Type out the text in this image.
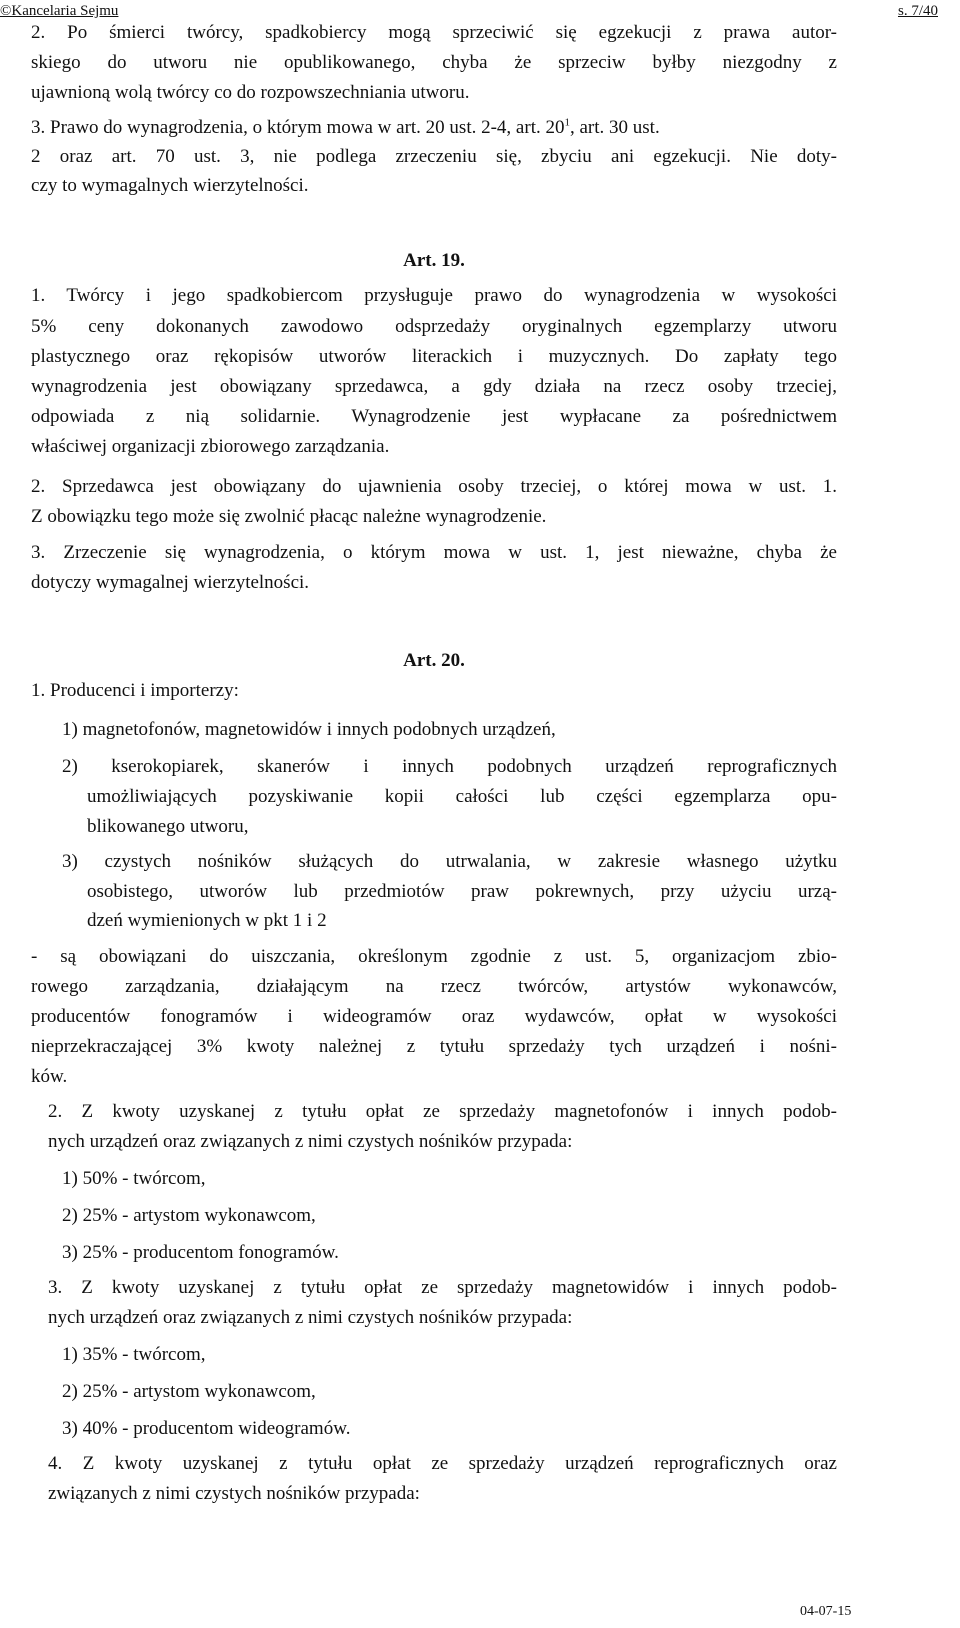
©Kancelaria Sejmu	s. 7/40
2. Po śmierci twórcy, spadkobiercy mogą sprzeciwić się egzekucji z prawa autor-
skiego do utworu nie opublikowanego, chyba że sprzeciw byłby niezgodny z
ujawnioną wolą twórcy co do rozpowszechniania utworu.
3. Prawo do wynagrodzenia, o którym mowa w art. 20 ust. 2-4, art. $20^1$, art. 30 ust.
2 oraz art. 70 ust. 3, nie podlega zrzeczeniu się, zbyciu ani egzekucji. Nie doty-
czy to wymagalnych wierzytelności.
Art. 19.
1. Twórcy i jego spadkobiercom przysługuje prawo do wynagrodzenia w wysokości
5% ceny dokonanych zawodowo odsprzedaży oryginalnych egzemplarzy utworu
plastycznego oraz rękopisów utworów literackich i muzycznych. Do zapłaty tego
wynagrodzenia jest obowiązany sprzedawca, a gdy działa na rzecz osoby trzeciej,
odpowiada z nią solidarnie. Wynagrodzenie jest wypłacane za pośrednictwem
właściwej organizacji zbiorowego zarządzania.
2. Sprzedawca jest obowiązany do ujawnienia osoby trzeciej, o której mowa w ust. 1.
Z obowiązku tego może się zwolnić płacąc należne wynagrodzenie.
3. Zrzeczenie się wynagrodzenia, o którym mowa w ust. 1, jest nieważne, chyba że
dotyczy wymagalnej wierzytelności.
Art. 20.
1. Producenci i importerzy:
1) magnetofonów, magnetowidów i innych podobnych urządzeń,
2) kserokopiarek, skanerów i innych podobnych urządzeń reprograficznych
umożliwiających pozyskiwanie kopii całości lub części egzemplarza opu-
blikowanego utworu,
3) czystych nośników służących do utrwalania, w zakresie własnego użytku
osobistego, utworów lub przedmiotów praw pokrewnych, przy użyciu urzą-
dzeń wymienionych w pkt 1 i 2
- są obowiązani do uiszczania, określonym zgodnie z ust. 5, organizacjom zbio-
rowego zarządzania, działającym na rzecz twórców, artystów wykonawców,
producentów fonogramów i wideogramów oraz wydawców, opłat w wysokości
nieprzekraczającej 3% kwoty należnej z tytułu sprzedaży tych urządzeń i nośni-
ków.
2. Z kwoty uzyskanej z tytułu opłat ze sprzedaży magnetofonów i innych podob-
nych urządzeń oraz związanych z nimi czystych nośników przypada:
1) 50% - twórcom,
2) 25% - artystom wykonawcom,
3) 25% - producentom fonogramów.
3. Z kwoty uzyskanej z tytułu opłat ze sprzedaży magnetowidów i innych podob-
nych urządzeń oraz związanych z nimi czystych nośników przypada:
1) 35% - twórcom,
2) 25% - artystom wykonawcom,
3) 40% - producentom wideogramów.
4. Z kwoty uzyskanej z tytułu opłat ze sprzedaży urządzeń reprograficznych oraz
związanych z nimi czystych nośników przypada:
04-07-15
